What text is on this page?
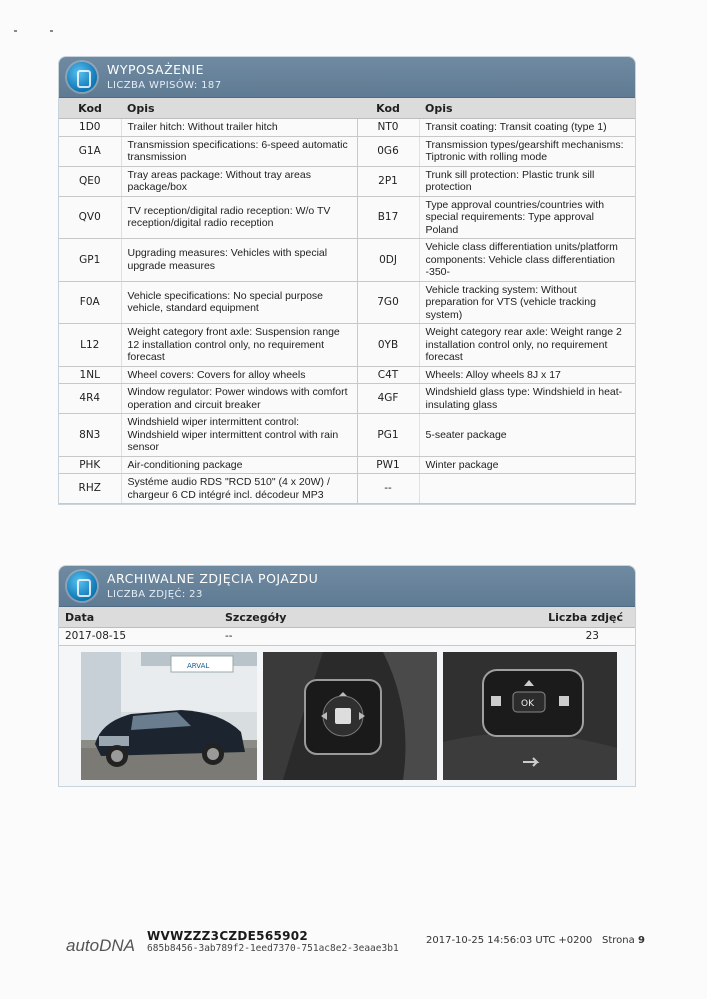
WYPOSAŻENIE
LICZBA WPISÓW: 187
Kod	Opis	Kod	Opis
1D0	Trailer hitch: Without trailer hitch	NT0	Transit coating: Transit coating (type 1)
G1A	Transmission specifications: 6-speed automatic transmission	0G6	Transmission types/gearshift mechanisms: Tiptronic with rolling mode
QE0	Tray areas package: Without tray areas package/box	2P1	Trunk sill protection: Plastic trunk sill protection
QV0	TV reception/digital radio reception: W/o TV reception/digital radio reception	B17	Type approval countries/countries with special requirements: Type approval Poland
GP1	Upgrading measures: Vehicles with special upgrade measures	0DJ	Vehicle class differentiation units/platform components: Vehicle class differentiation -350-
F0A	Vehicle specifications: No special purpose vehicle, standard equipment	7G0	Vehicle tracking system: Without preparation for VTS (vehicle tracking system)
L12	Weight category front axle: Suspension range 12 installation control only, no requirement forecast	0YB	Weight category rear axle: Weight range 2 installation control only, no requirement forecast
1NL	Wheel covers: Covers for alloy wheels	C4T	Wheels: Alloy wheels 8J x 17
4R4	Window regulator: Power windows with comfort operation and circuit breaker	4GF	Windshield glass type: Windshield in heat-insulating glass
8N3	Windshield wiper intermittent control: Windshield wiper intermittent control with rain sensor	PG1	5-seater package
PHK	Air-conditioning package	PW1	Winter package
RHZ	Systéme audio RDS "RCD 510" (4 x 20W) / chargeur 6 CD intégré incl. décodeur MP3	--	
ARCHIWALNE ZDJĘCIA POJAZDU
LICZBA ZDJĘĆ: 23
Data	Szczegóły	Liczba zdjęć
2017-08-15	--	23
ARVAL
OK
autoDNA WVWZZZ3CZDE565902
685b8456-3ab789f2-1eed7370-751ac8e2-3eaae3b1
2017-10-25 14:56:03 UTC +0200 Strona 9
